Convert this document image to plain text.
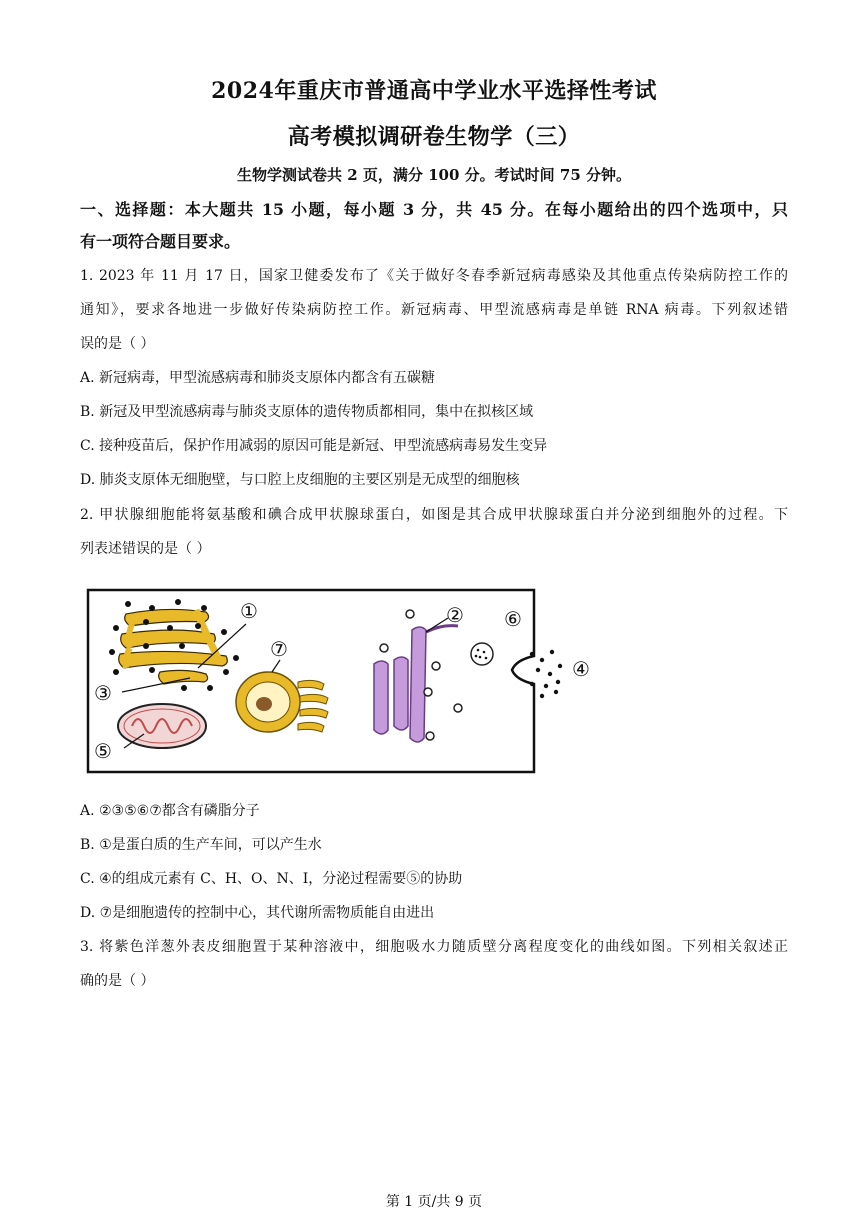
2024年重庆市普通高中学业水平选择性考试
高考模拟调研卷生物学（三）
生物学测试卷共 2 页，满分 100 分。考试时间 75 分钟。
一、选择题：本大题共 15 小题，每小题 3 分，共 45 分。在每小题给出的四个选项中，只
有一项符合题目要求。
1. 2023 年 11 月 17 日，国家卫健委发布了《关于做好冬春季新冠病毒感染及其他重点传染病防控工作的
通知》，要求各地进一步做好传染病防控工作。新冠病毒、甲型流感病毒是单链 RNA 病毒。下列叙述错
误的是（ ）
A. 新冠病毒，甲型流感病毒和肺炎支原体内都含有五碳糖
B. 新冠及甲型流感病毒与肺炎支原体的遗传物质都相同，集中在拟核区域
C. 接种疫苗后，保护作用减弱的原因可能是新冠、甲型流感病毒易发生变异
D. 肺炎支原体无细胞壁，与口腔上皮细胞的主要区别是无成型的细胞核
2. 甲状腺细胞能将氨基酸和碘合成甲状腺球蛋白，如图是其合成甲状腺球蛋白并分泌到细胞外的过程。下
列表述错误的是（ ）
①	②
③
④
⑤
⑥
⑦
A. ②③⑤⑥⑦都含有磷脂分子
B. ①是蛋白质的生产车间，可以产生水
C. ④的组成元素有 C、H、O、N、I，分泌过程需要⑤的协助
D. ⑦是细胞遗传的控制中心，其代谢所需物质能自由进出
3. 将紫色洋葱外表皮细胞置于某种溶液中，细胞吸水力随质壁分离程度变化的曲线如图。下列相关叙述正
确的是（ ）
第 1 页/共 9 页
